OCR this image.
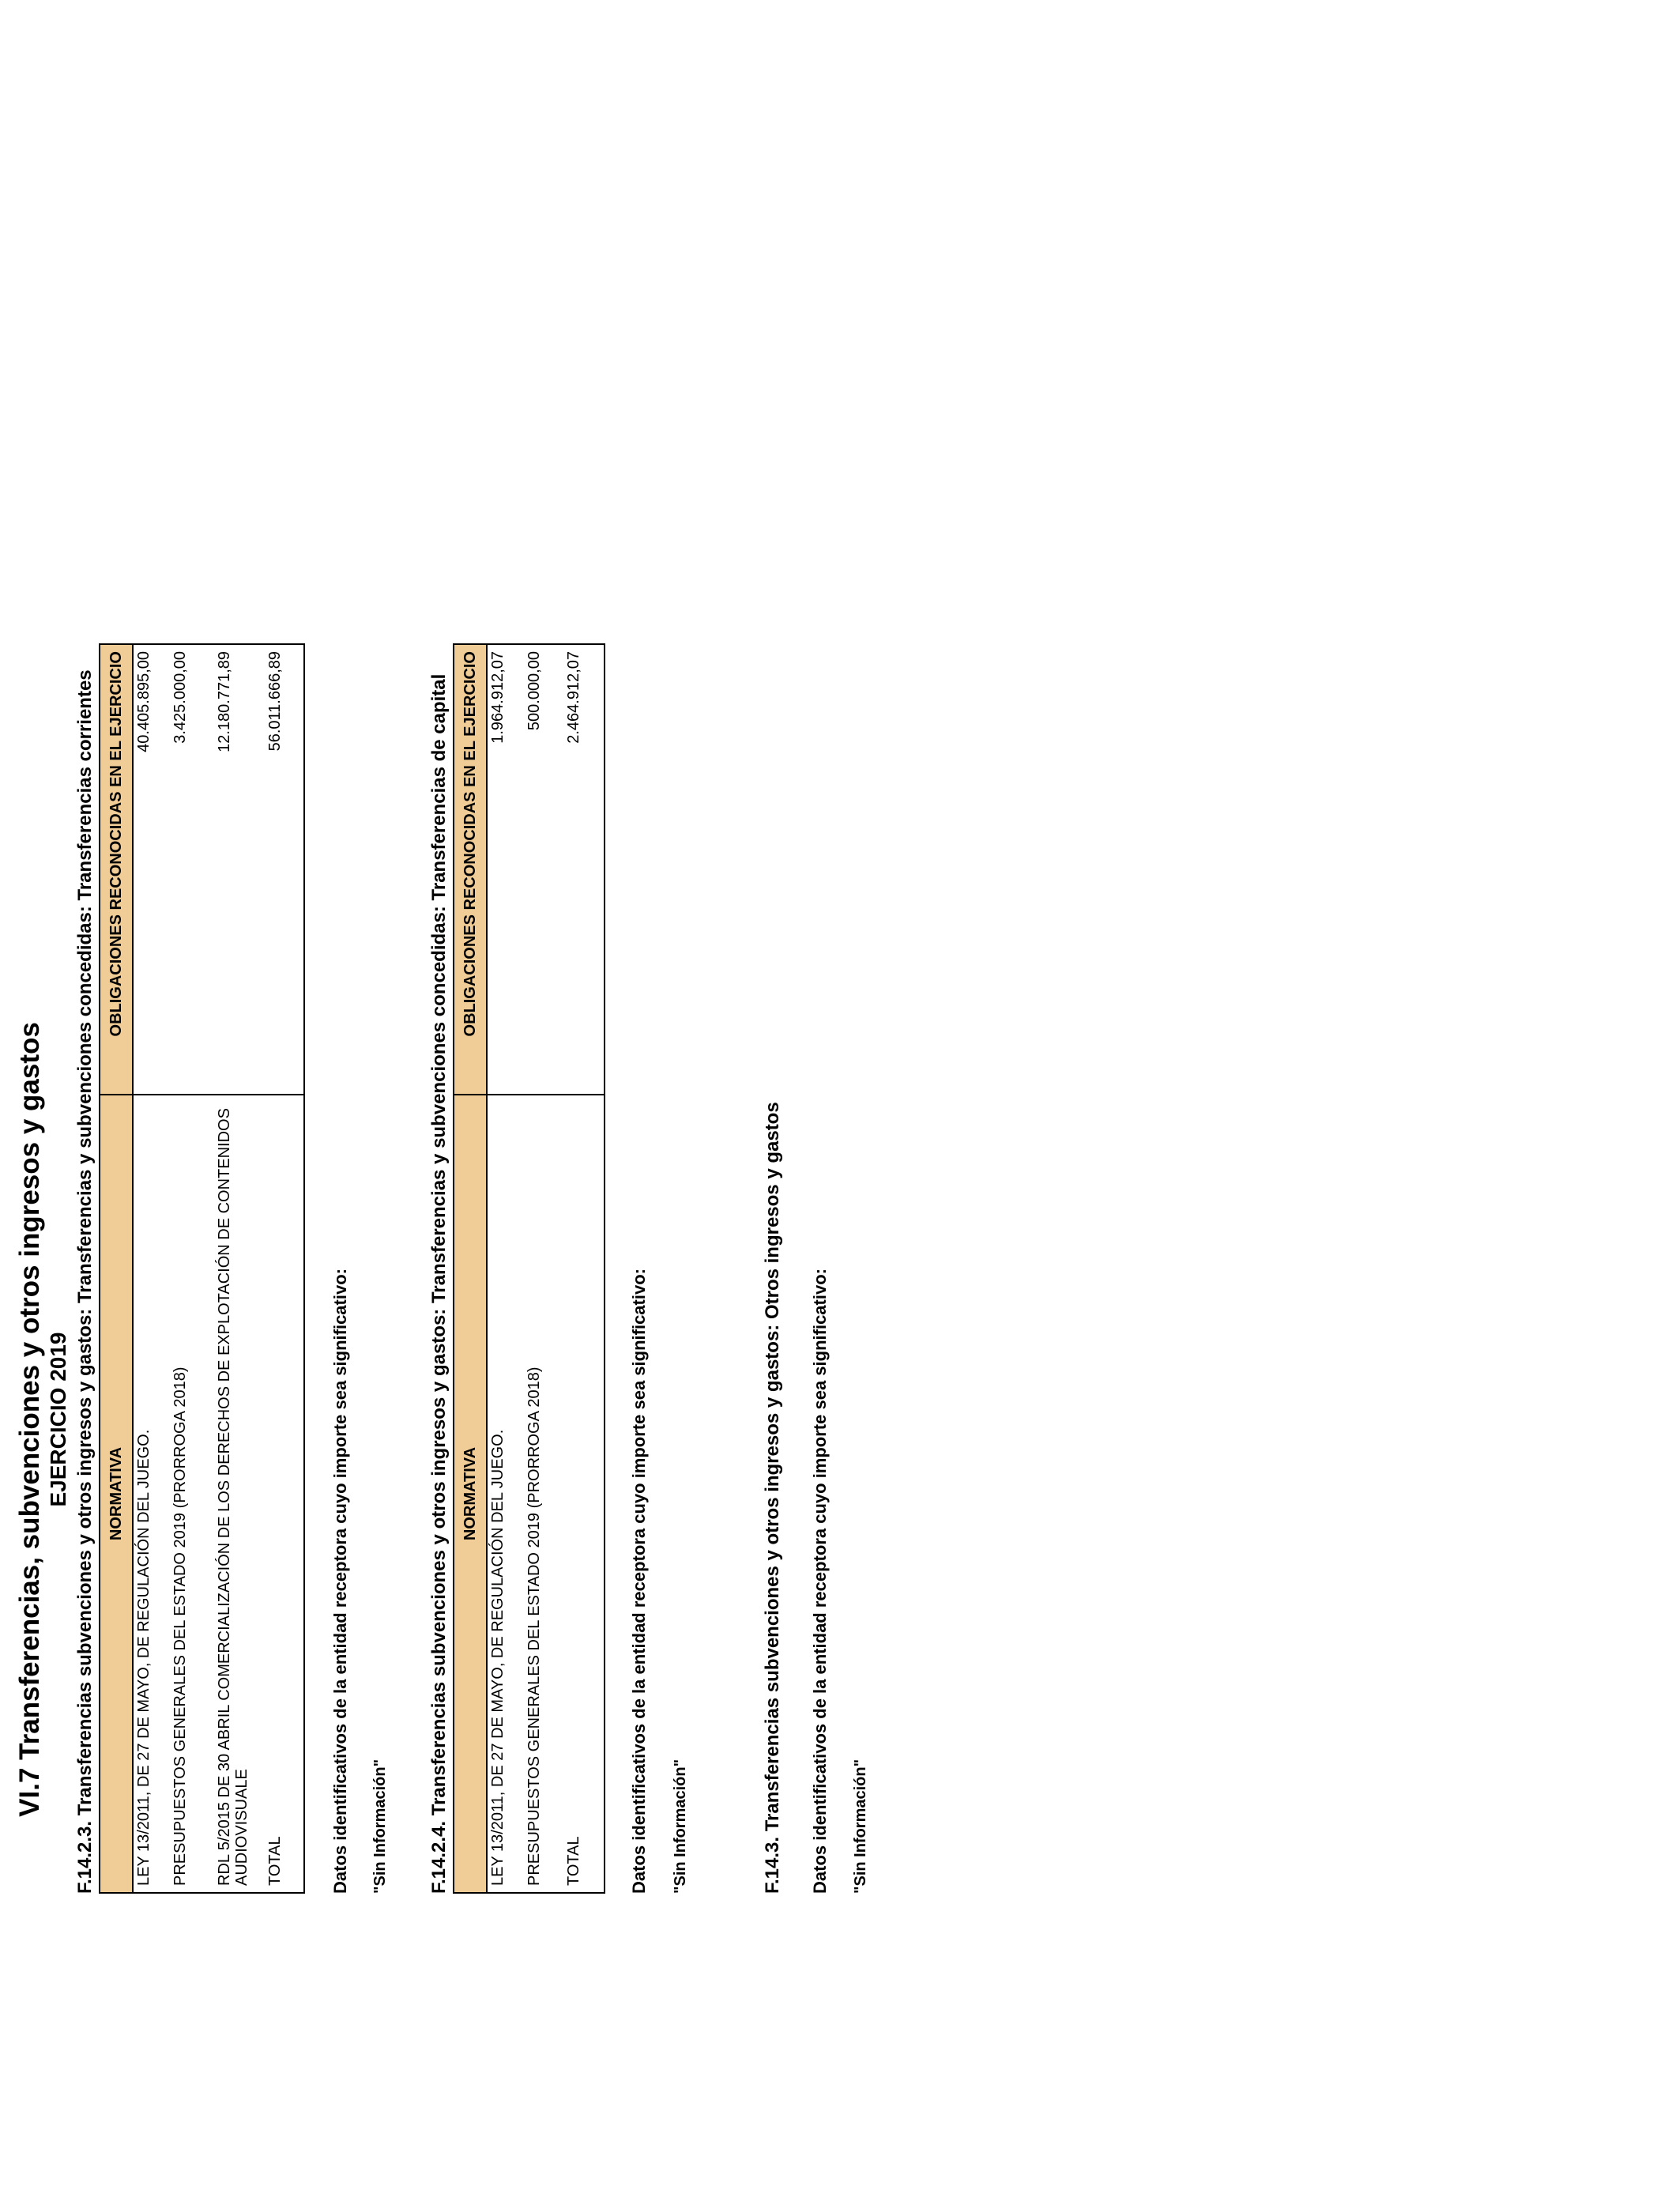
VI.7 Transferencias, subvenciones y otros ingresos y gastos EJERCICIO 2019 F.14.2.3. Transferencias subvenciones y otros ingresos y gastos: Transferencias y subvenciones concedidas: Transferencias corrientes NORMATIVA	OBLIGACIONES RECONOCIDAS EN EL EJERCICIO
LEY 13/2011, DE 27 DE MAYO, DE REGULACIÓN DEL JUEGO.	40.405.895,00
PRESUPUESTOS GENERALES DEL ESTADO 2019 (PRORROGA 2018)	3.425.000,00
RDL 5/2015 DE 30 ABRIL COMERCIALIZACIÓN DE LOS DERECHOS DE EXPLOTACIÓN DE CONTENIDOS AUDIOVISUALE	12.180.771,89
TOTAL	56.011.666,89
Datos identificativos de la entidad receptora cuyo importe sea significativo: "Sin Información" F.14.2.4. Transferencias subvenciones y otros ingresos y gastos: Transferencias y subvenciones concedidas: Transferencias de capital NORMATIVA	OBLIGACIONES RECONOCIDAS EN EL EJERCICIO
LEY 13/2011, DE 27 DE MAYO, DE REGULACIÓN DEL JUEGO.	1.964.912,07
PRESUPUESTOS GENERALES DEL ESTADO 2019 (PRORROGA 2018)	500.000,00
TOTAL	2.464.912,07
Datos identificativos de la entidad receptora cuyo importe sea significativo: "Sin Información"	F.14.3. Transferencias subvenciones y otros ingresos y gastos: Otros ingresos y gastos Datos identificativos de la entidad receptora cuyo importe sea significativo: "Sin Información"
